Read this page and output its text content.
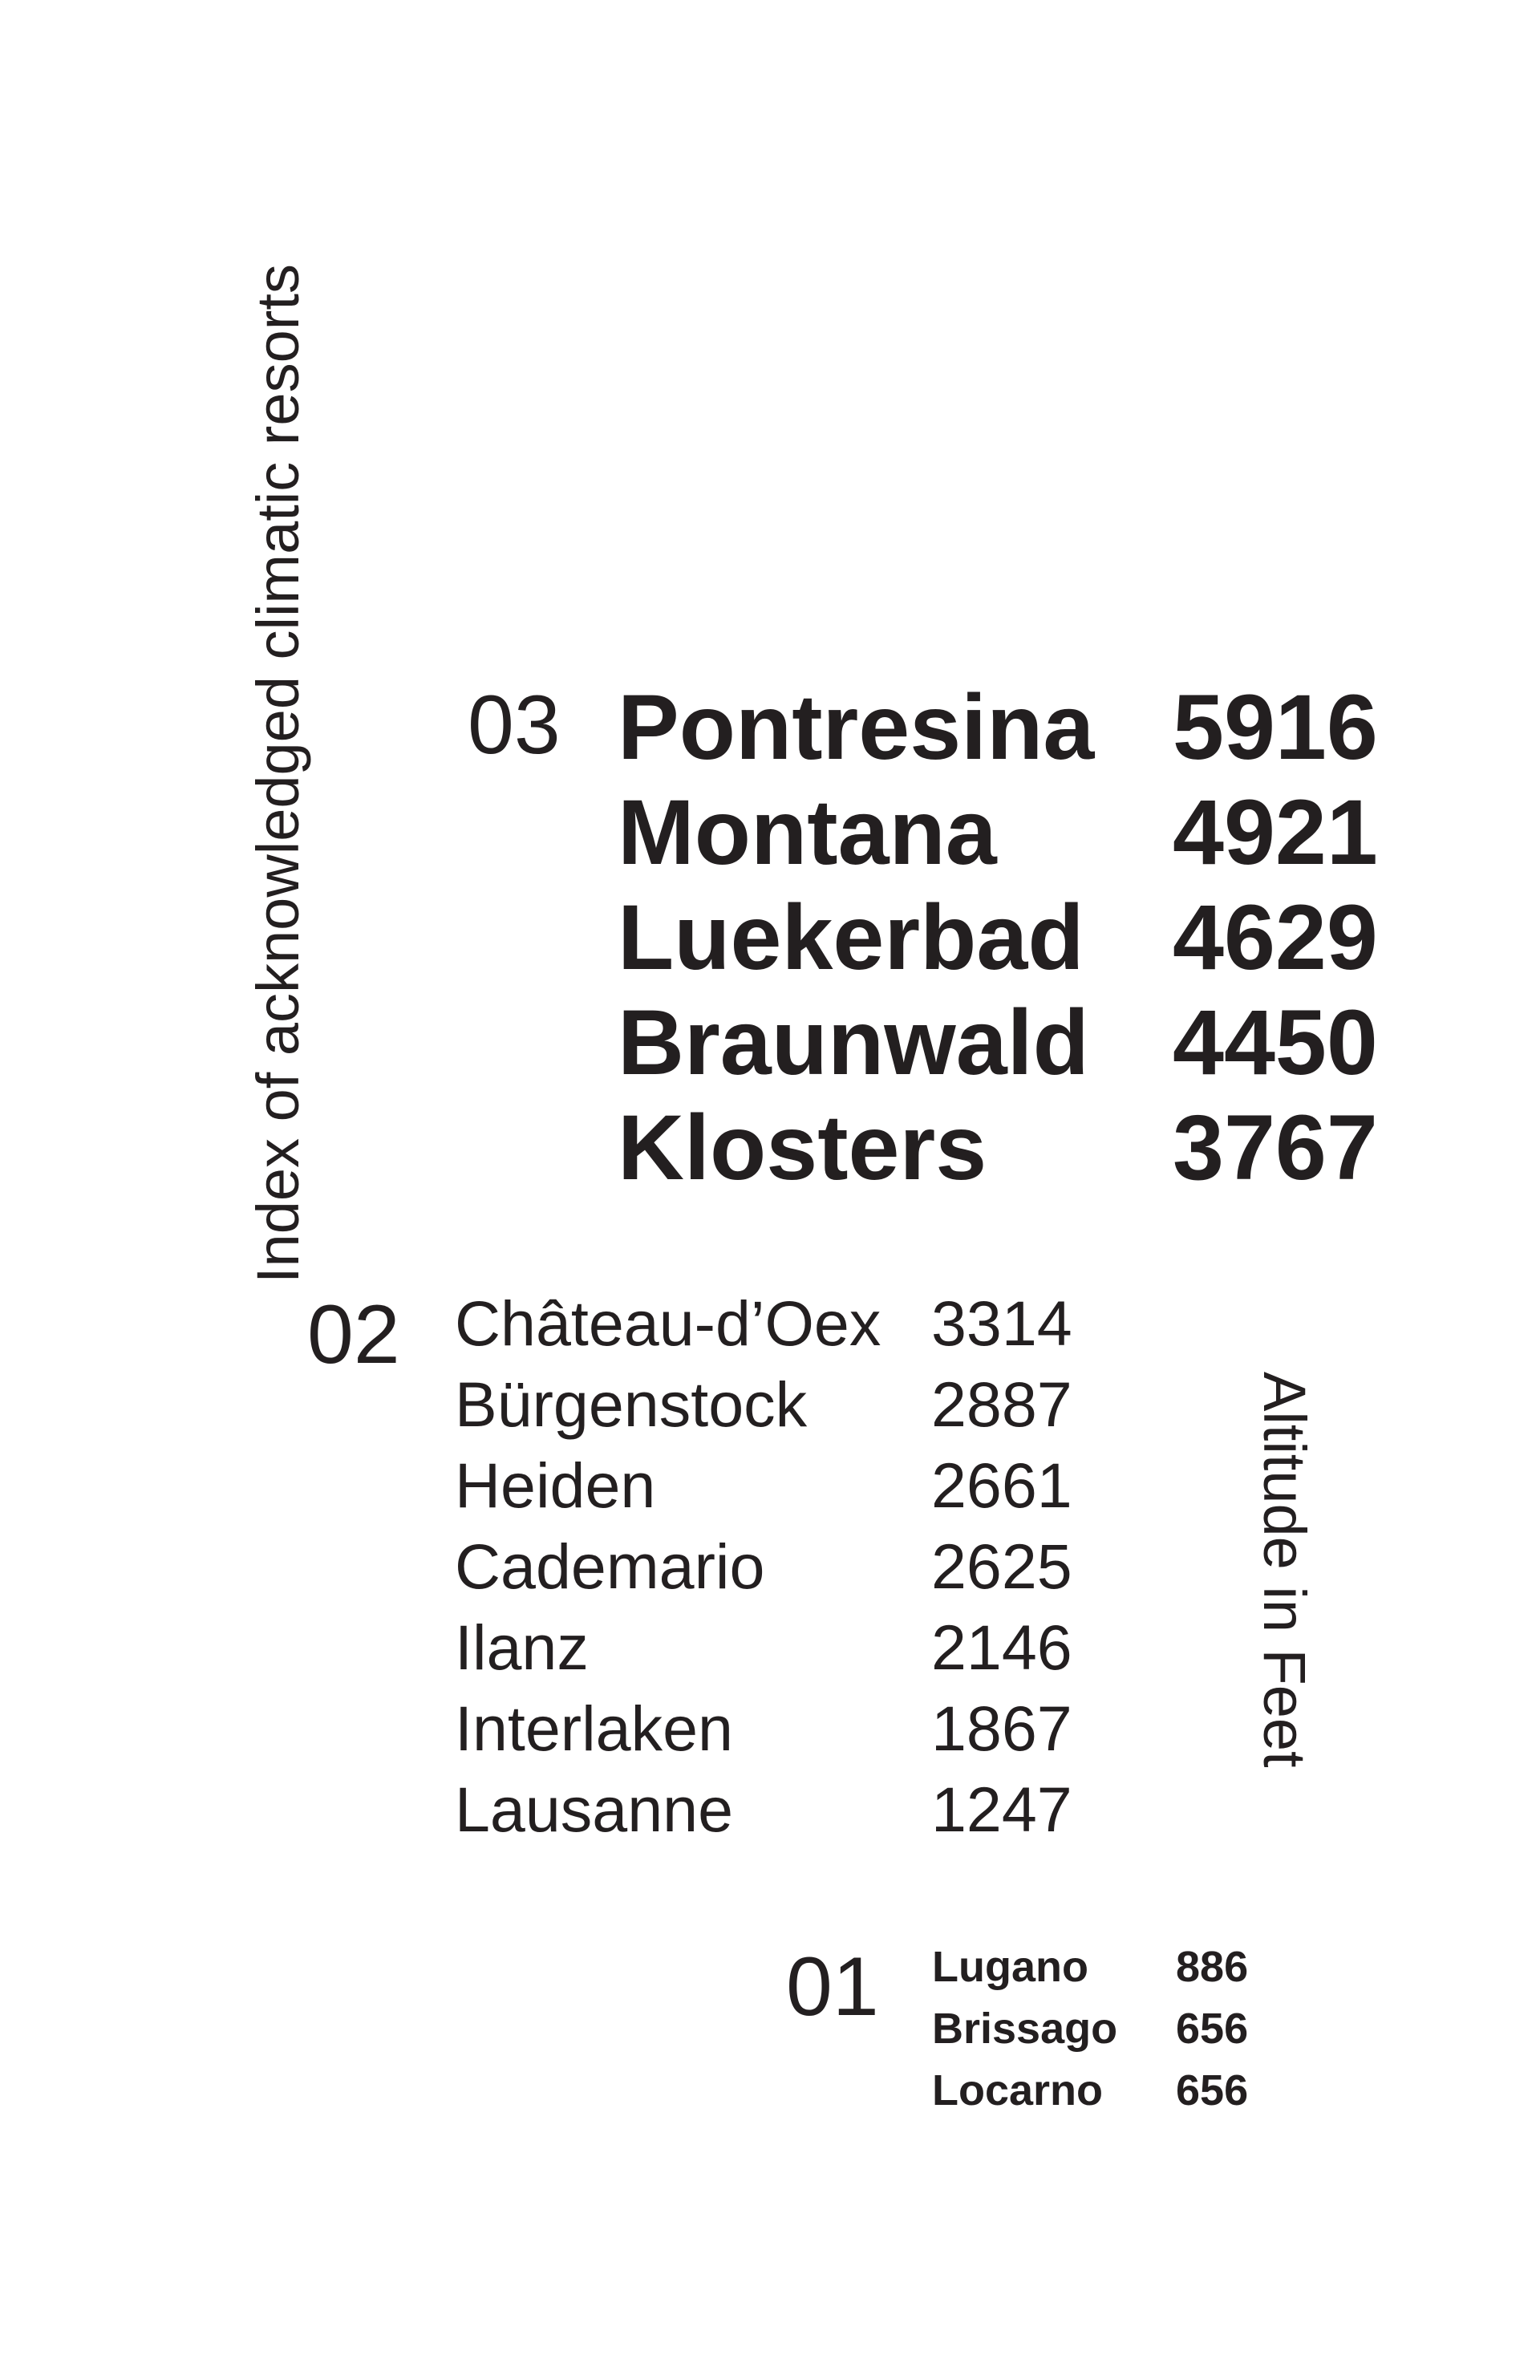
Index of acknowledged climatic resorts
Altitude in Feet
03 Pontresina 5916
Montana 4921
Luekerbad 4629
Braunwald 4450
Klosters 3767
02 Château-d’Oex 3314
Bürgenstock 2887
Heiden	2661
Cademario	2625
Ilanz	2146
Interlaken	1867
Lausanne	1247
01 Lugano 886
Brissago 656
Locarno 656
